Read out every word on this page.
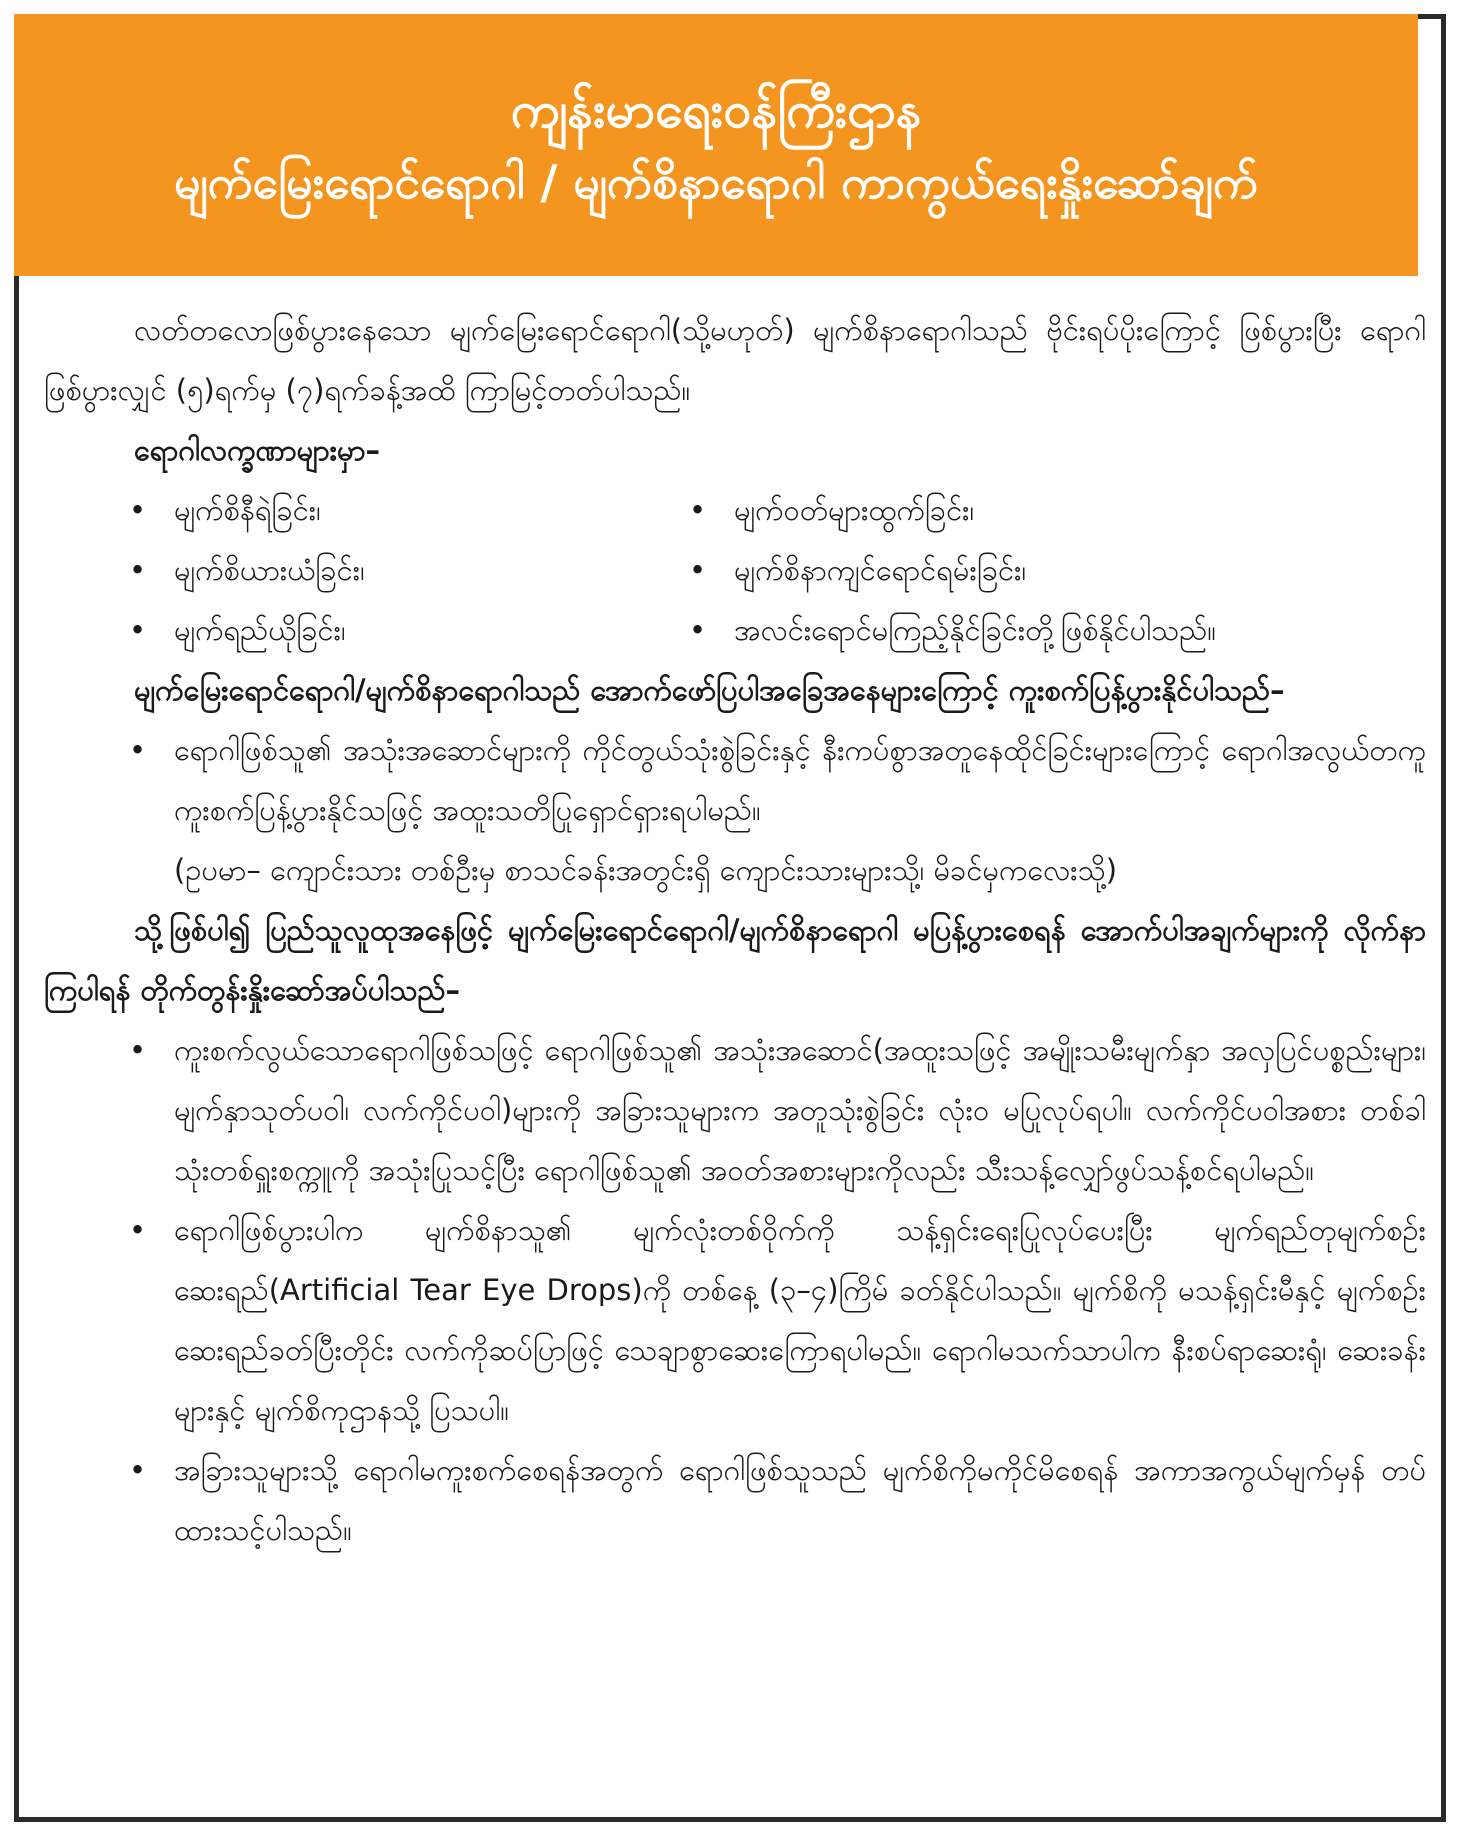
ကျန်းမာရေးဝန်ကြီးဌာန
မျက်မြေးရောင်ရောဂါ / မျက်စိနာရောဂါ ကာကွယ်ရေးနှိုးဆော်ချက်

လတ်တလောဖြစ်ပွားနေသော မျက်မြေးရောင်ရောဂါ(သို့မဟုတ်) မျက်စိနာရောဂါသည် ဗိုင်းရပ်ပိုးကြောင့် ဖြစ်ပွားပြီး ရောဂါဖြစ်ပွားလျှင် (၅)ရက်မှ (၇)ရက်ခန့်အထိ ကြာမြင့်တတ်ပါသည်။

ရောဂါလက္ခဏာများမှာ–

• မျက်စိနီရဲခြင်း၊	• မျက်ဝတ်များထွက်ခြင်း၊
• မျက်စိယားယံခြင်း၊	• မျက်စိနာကျင်ရောင်ရမ်းခြင်း၊
• မျက်ရည်ယိုခြင်း၊	• အလင်းရောင်မကြည့်နိုင်ခြင်းတို့ဖြစ်နိုင်ပါသည်။

မျက်မြေးရောင်ရောဂါ/မျက်စိနာရောဂါသည် အောက်ဖော်ပြပါအခြေအနေများကြောင့် ကူးစက်ပြန့်ပွားနိုင်ပါသည်–

• ရောဂါဖြစ်သူ၏ အသုံးအဆောင်များကို ကိုင်တွယ်သုံးစွဲခြင်းနှင့် နီးကပ်စွာအတူနေထိုင်ခြင်းများကြောင့် ရောဂါအလွယ်တကူ ကူးစက်ပြန့်ပွားနိုင်သဖြင့် အထူးသတိပြုရှောင်ရှားရပါမည်။
(ဥပမာ– ကျောင်းသား တစ်ဦးမှ စာသင်ခန်းအတွင်းရှိ ကျောင်းသားများသို့၊ မိခင်မှကလေးသို့)

သို့ဖြစ်ပါ၍ ပြည်သူလူထုအနေဖြင့် မျက်မြေးရောင်ရောဂါ/မျက်စိနာရောဂါ မပြန့်ပွားစေရန် အောက်ပါအချက်များကို လိုက်နာကြပါရန် တိုက်တွန်းနှိုးဆော်အပ်ပါသည်–

• ကူးစက်လွယ်သောရောဂါဖြစ်သဖြင့် ရောဂါဖြစ်သူ၏ အသုံးအဆောင်(အထူးသဖြင့် အမျိုးသမီးမျက်နှာ အလှပြင်ပစ္စည်းများ၊ မျက်နှာသုတ်ပဝါ၊ လက်ကိုင်ပဝါ)များကို အခြားသူများက အတူသုံးစွဲခြင်း လုံးဝ မပြုလုပ်ရပါ။ လက်ကိုင်ပဝါအစား တစ်ခါသုံးတစ်ရှူးစက္ကူကို အသုံးပြုသင့်ပြီး ရောဂါဖြစ်သူ၏ အဝတ်အစားများကိုလည်း သီးသန့်လျှော်ဖွပ်သန့်စင်ရပါမည်။
• ရောဂါဖြစ်ပွားပါက မျက်စိနာသူ၏ မျက်လုံးတစ်ဝိုက်ကို သန့်ရှင်းရေးပြုလုပ်ပေးပြီး မျက်ရည်တုမျက်စဉ်း ဆေးရည်(Artificial Tear Eye Drops)ကို တစ်နေ့ (၃–၄)ကြိမ် ခတ်နိုင်ပါသည်။ မျက်စိကို မသန့်ရှင်းမီနှင့် မျက်စဉ်းဆေးရည်ခတ်ပြီးတိုင်း လက်ကိုဆပ်ပြာဖြင့် သေချာစွာဆေးကြောရပါမည်။ ရောဂါမသက်သာပါက နီးစပ်ရာဆေးရုံ၊ ဆေးခန်းများနှင့် မျက်စိကုဌာနသို့ ပြသပါ။
• အခြားသူများသို့ ရောဂါမကူးစက်စေရန်အတွက် ရောဂါဖြစ်သူသည် မျက်စိကိုမကိုင်မိစေရန် အကာအကွယ်မျက်မှန် တပ်ထားသင့်ပါသည်။
